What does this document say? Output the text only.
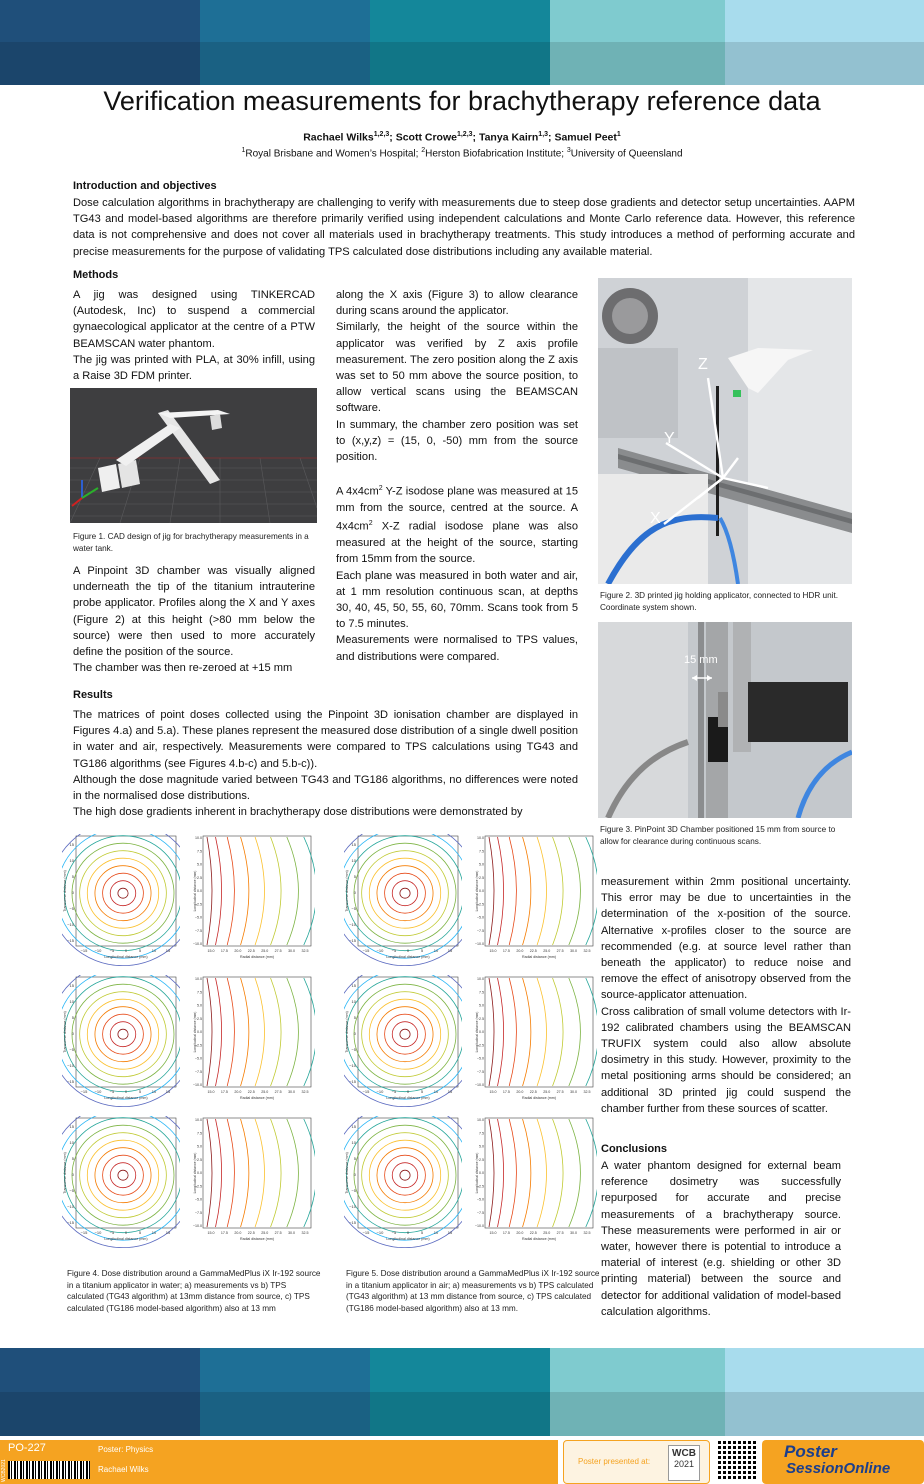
Verification measurements for brachytherapy reference data
Rachael Wilks$^{1,2,3}$; Scott Crowe$^{1,2,3}$; Tanya Kairn$^{1,3}$; Samuel Peet$^1$
$^1$Royal Brisbane and Women’s Hospital; $^2$Herston Biofabrication Institute; $^3$University of Queensland
Introduction and objectives
Dose calculation algorithms in brachytherapy are challenging to verify with measurements due to steep dose gradients and detector setup uncertainties. AAPM TG43 and model-based algorithms are therefore primarily verified using independent calculations and Monte Carlo reference data. However, this reference data is not comprehensive and does not cover all materials used in brachytherapy treatments. This study introduces a method of performing accurate and precise measurements for the purpose of validating TPS calculated dose distributions including any available material.
Methods
A jig was designed using TINKERCAD (Autodesk, Inc) to suspend a commercial gynaecological applicator at the centre of a PTW BEAMSCAN water phantom.
The jig was printed with PLA, at 30% infill, using a Raise 3D FDM printer.
Figure 1. CAD design of jig for brachytherapy measurements in a water tank.
A Pinpoint 3D chamber was visually aligned underneath the tip of the titanium intrauterine probe applicator. Profiles along the X and Y axes (Figure 2) at this height (>80 mm below the source) were then used to more accurately define the position of the source.
The chamber was then re-zeroed at +15 mm
along the X axis (Figure 3) to allow clearance during scans around the applicator.
Similarly, the height of the source within the applicator was verified by Z axis profile measurement. The zero position along the Z axis was set to 50 mm above the source position, to allow vertical scans using the BEAMSCAN software.
In summary, the chamber zero position was set to (x,y,z) = (15, 0, -50) mm from the source position.
A $4x4cm^2$ Y-Z isodose plane was measured at 15 mm from the source, centred at the source. A $4x4cm^2$ X-Z radial isodose plane was also measured at the height of the source, starting from 15mm from the source.
Each plane was measured in both water and air, at 1 mm resolution continuous scan, at depths 30, 40, 45, 50, 55, 60, 70mm. Scans took from 5 to 7.5 minutes.
Measurements were normalised to TPS values, and distributions were compared.
Z
Y
X
Figure 2. 3D printed jig holding applicator, connected to HDR unit. Coordinate system shown.
15 mm
Figure 3. PinPoint 3D Chamber positioned 15 mm from source to allow for clearance during continuous scans.
Results
The matrices of point doses collected using the Pinpoint 3D ionisation chamber are displayed in Figures 4.a) and 5.a). These planes represent the measured dose distribution of a single dwell position in water and air, respectively. Measurements were compared to TPS calculations using TG43 and TG186 algorithms (see Figures 4.b-c) and 5.b-c)).
Although the dose magnitude varied between TG43 and TG186 algorithms, no differences were noted in the normalised dose distributions.
The high dose gradients inherent in brachytherapy dose distributions were demonstrated by
15
10
5
0
−5
−10
−15
−15 −10 −5	0	5	10 15
Longitudinal distance (mm)
Transverse distance (mm)
10.0
7.5
5.0
2.5
0.0
−2.5
−5.0
−7.5
−10.0
15.0 17.5 20.0 22.5 25.0 27.5 30.0 32.5
Radial distance (mm)
Longitudinal distance (mm)
15
10
5
0
−5
−10
−15
−15 −10 −5	0	5	10 15
Longitudinal distance (mm)
Transverse distance (mm)
10.0
7.5
5.0
2.5
0.0
−2.5
−5.0
−7.5
−10.0
15.0 17.5 20.0 22.5 25.0 27.5 30.0 32.5
Radial distance (mm)
Longitudinal distance (mm)
15
10
5
0
−5
−10
−15
−15 −10 −5	0	5	10 15
Longitudinal distance (mm)
Transverse distance (mm)
10.0
7.5
5.0
2.5
0.0
−2.5
−5.0
−7.5
−10.0
15.0 17.5 20.0 22.5 25.0 27.5 30.0 32.5
Radial distance (mm)
Longitudinal distance (mm)
15
10
5
0
−5
−10
−15
−15 −10 −5	0	5	10 15
Longitudinal distance (mm)
Transverse distance (mm)
10.0
7.5
5.0
2.5
0.0
−2.5
−5.0
−7.5
−10.0
15.0 17.5 20.0 22.5 25.0 27.5 30.0 32.5
Radial distance (mm)
Longitudinal distance (mm)
15
10
5
0
−5
−10
−15
−15 −10 −5	0	5	10 15
Longitudinal distance (mm)
Transverse distance (mm)
10.0
7.5
5.0
2.5
0.0
−2.5
−5.0
−7.5
−10.0
15.0 17.5 20.0 22.5 25.0 27.5 30.0 32.5
Radial distance (mm)
Longitudinal distance (mm)
15
10
5
0
−5
−10
−15
−15 −10 −5	0	5	10 15
Longitudinal distance (mm)
Transverse distance (mm)
10.0
7.5
5.0
2.5
0.0
−2.5
−5.0
−7.5
−10.0
15.0 17.5 20.0 22.5 25.0 27.5 30.0 32.5
Radial distance (mm)
Longitudinal distance (mm)
Figure 4. Dose distribution around a GammaMedPlus iX Ir-192 source in a titanium applicator in water; a) measurements vs b) TPS calculated (TG43 algorithm) at 13mm distance from source, c) TPS calculated (TG186 model-based algorithm) also at 13 mm
Figure 5. Dose distribution around a GammaMedPlus iX Ir-192 source in a titanium applicator in air; a) measurements vs b) TPS calculated (TG43 algorithm) at 13 mm distance from source, c) TPS calculated (TG186 model-based algorithm) also at 13 mm.
measurement within 2mm positional uncertainty. This error may be due to uncertainties in the determination of the x-position of the source. Alternative x-profiles closer to the source are recommended (e.g. at source level rather than beneath the applicator) to reduce noise and remove the effect of anisotropy observed from the source-applicator attenuation.
Cross calibration of small volume detectors with Ir-192 calibrated chambers using the BEAMSCAN TRUFIX system could also allow absolute dosimetry in this study. However, proximity to the metal positioning arms should be considered; an additional 3D printed jig could suspend the chamber further from these sources of scatter.
Conclusions
A water phantom designed for external beam reference dosimetry was successfully repurposed for accurate and precise measurements of a brachytherapy source. These measurements were performed in air or water, however there is potential to introduce a material of interest (e.g. shielding or other 3D printing material) between the source and detector for additional validation of model-based calculation algorithms.
PO-227	Poster: Physics
Rachael Wilks
WCB2021	Poster presented at:
WCB
2021
Poster
SessionOnline
